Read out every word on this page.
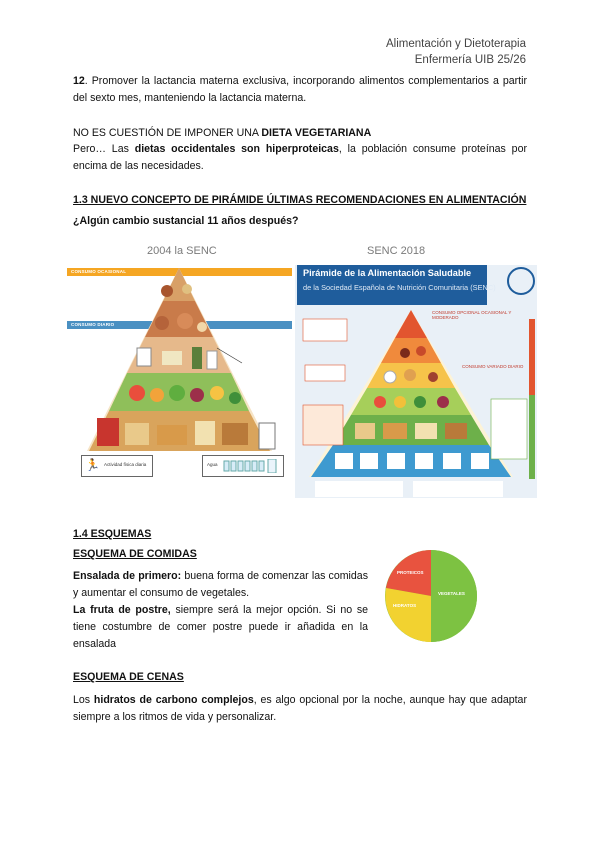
Alimentación y Dietoterapia
Enfermería UIB 25/26
12. Promover la lactancia materna exclusiva, incorporando alimentos complementarios a partir del sexto mes, manteniendo la lactancia materna.
NO ES CUESTIÓN DE IMPONER UNA DIETA VEGETARIANA
Pero… Las dietas occidentales son hiperproteicas, la población consume proteínas por encima de las necesidades.
1.3 NUEVO CONCEPTO DE PIRÁMIDE ÚLTIMAS RECOMENDACIONES EN ALIMENTACIÓN
¿Algún cambio sustancial 11 años después?
2004 la SENC
CONSUMO OCASIONAL
CONSUMO DIARIO
Actividad física diaria
🏃	Agua
SENC 2018
Pirámide de la Alimentación Saludable
de la Sociedad Española de Nutrición Comunitaria (SENC)
CONSUMO OPCIONAL OCASIONAL Y MODERADO
CONSUMO VARIADO DIARIO
1.4 ESQUEMAS
ESQUEMA DE COMIDAS
Ensalada de primero: buena forma de comenzar las comidas y aumentar el consumo de vegetales.
La fruta de postre, siempre será la mejor opción. Si no se tiene costumbre de comer postre puede ir añadida en la ensalada
PROTEICOS
HIDRATOS
VEGETALES
ESQUEMA DE CENAS
Los hidratos de carbono complejos, es algo opcional por la noche, aunque hay que adaptar siempre a los ritmos de vida y personalizar.
